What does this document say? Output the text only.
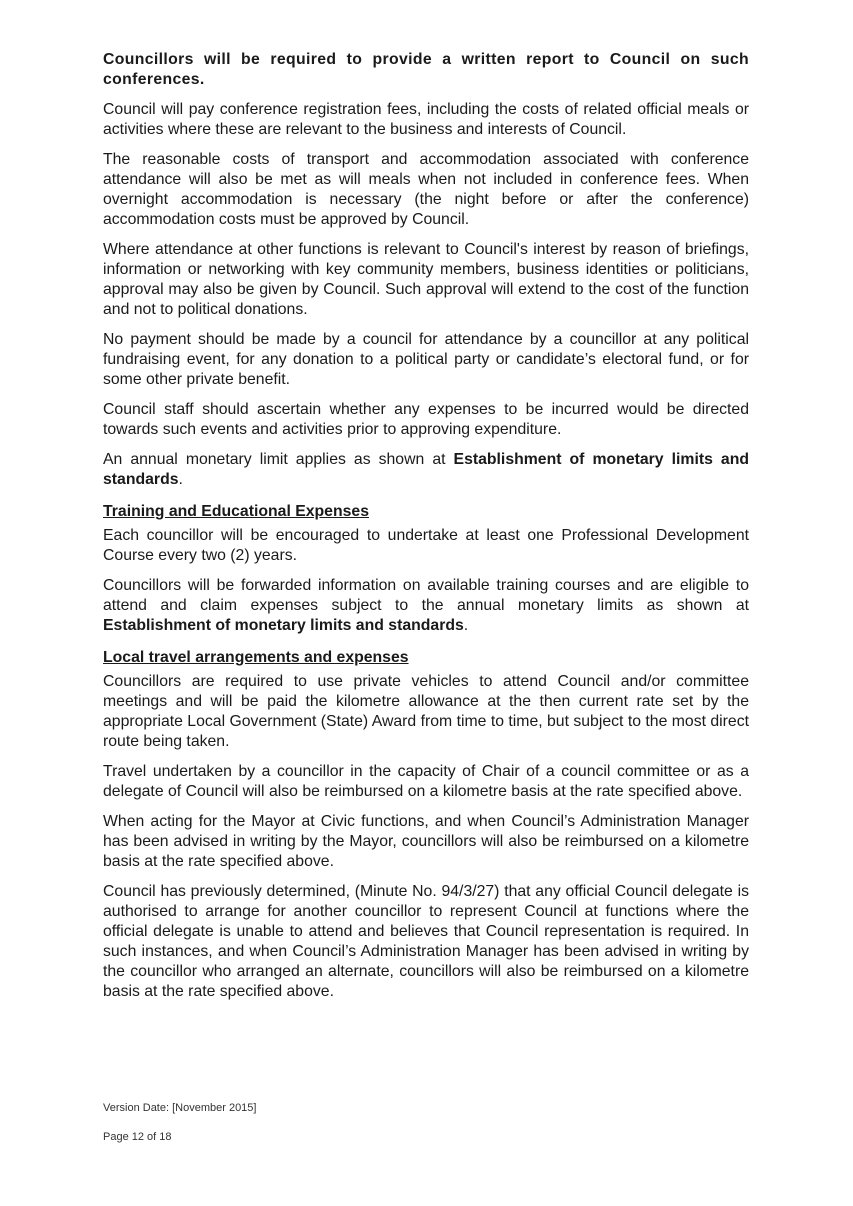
Councillors will be required to provide a written report to Council on such conferences.

Council will pay conference registration fees, including the costs of related official meals or activities where these are relevant to the business and interests of Council.

The reasonable costs of transport and accommodation associated with conference attendance will also be met as will meals when not included in conference fees. When overnight accommodation is necessary (the night before or after the conference) accommodation costs must be approved by Council.

Where attendance at other functions is relevant to Council's interest by reason of briefings, information or networking with key community members, business identities or politicians, approval may also be given by Council. Such approval will extend to the cost of the function and not to political donations.

No payment should be made by a council for attendance by a councillor at any political fundraising event, for any donation to a political party or candidate’s electoral fund, or for some other private benefit.

Council staff should ascertain whether any expenses to be incurred would be directed towards such events and activities prior to approving expenditure.

An annual monetary limit applies as shown at Establishment of monetary limits and standards.

Training and Educational Expenses

Each councillor will be encouraged to undertake at least one Professional Development Course every two (2) years.

Councillors will be forwarded information on available training courses and are eligible to attend and claim expenses subject to the annual monetary limits as shown at Establishment of monetary limits and standards.

Local travel arrangements and expenses

Councillors are required to use private vehicles to attend Council and/or committee meetings and will be paid the kilometre allowance at the then current rate set by the appropriate Local Government (State) Award from time to time, but subject to the most direct route being taken.

Travel undertaken by a councillor in the capacity of Chair of a council committee or as a delegate of Council will also be reimbursed on a kilometre basis at the rate specified above.

When acting for the Mayor at Civic functions, and when Council’s Administration Manager has been advised in writing by the Mayor, councillors will also be reimbursed on a kilometre basis at the rate specified above.

Council has previously determined, (Minute No. 94/3/27) that any official Council delegate is authorised to arrange for another councillor to represent Council at functions where the official delegate is unable to attend and believes that Council representation is required. In such instances, and when Council’s Administration Manager has been advised in writing by the councillor who arranged an alternate, councillors will also be reimbursed on a kilometre basis at the rate specified above.

Version Date: [November 2015]
Page 12 of 18
